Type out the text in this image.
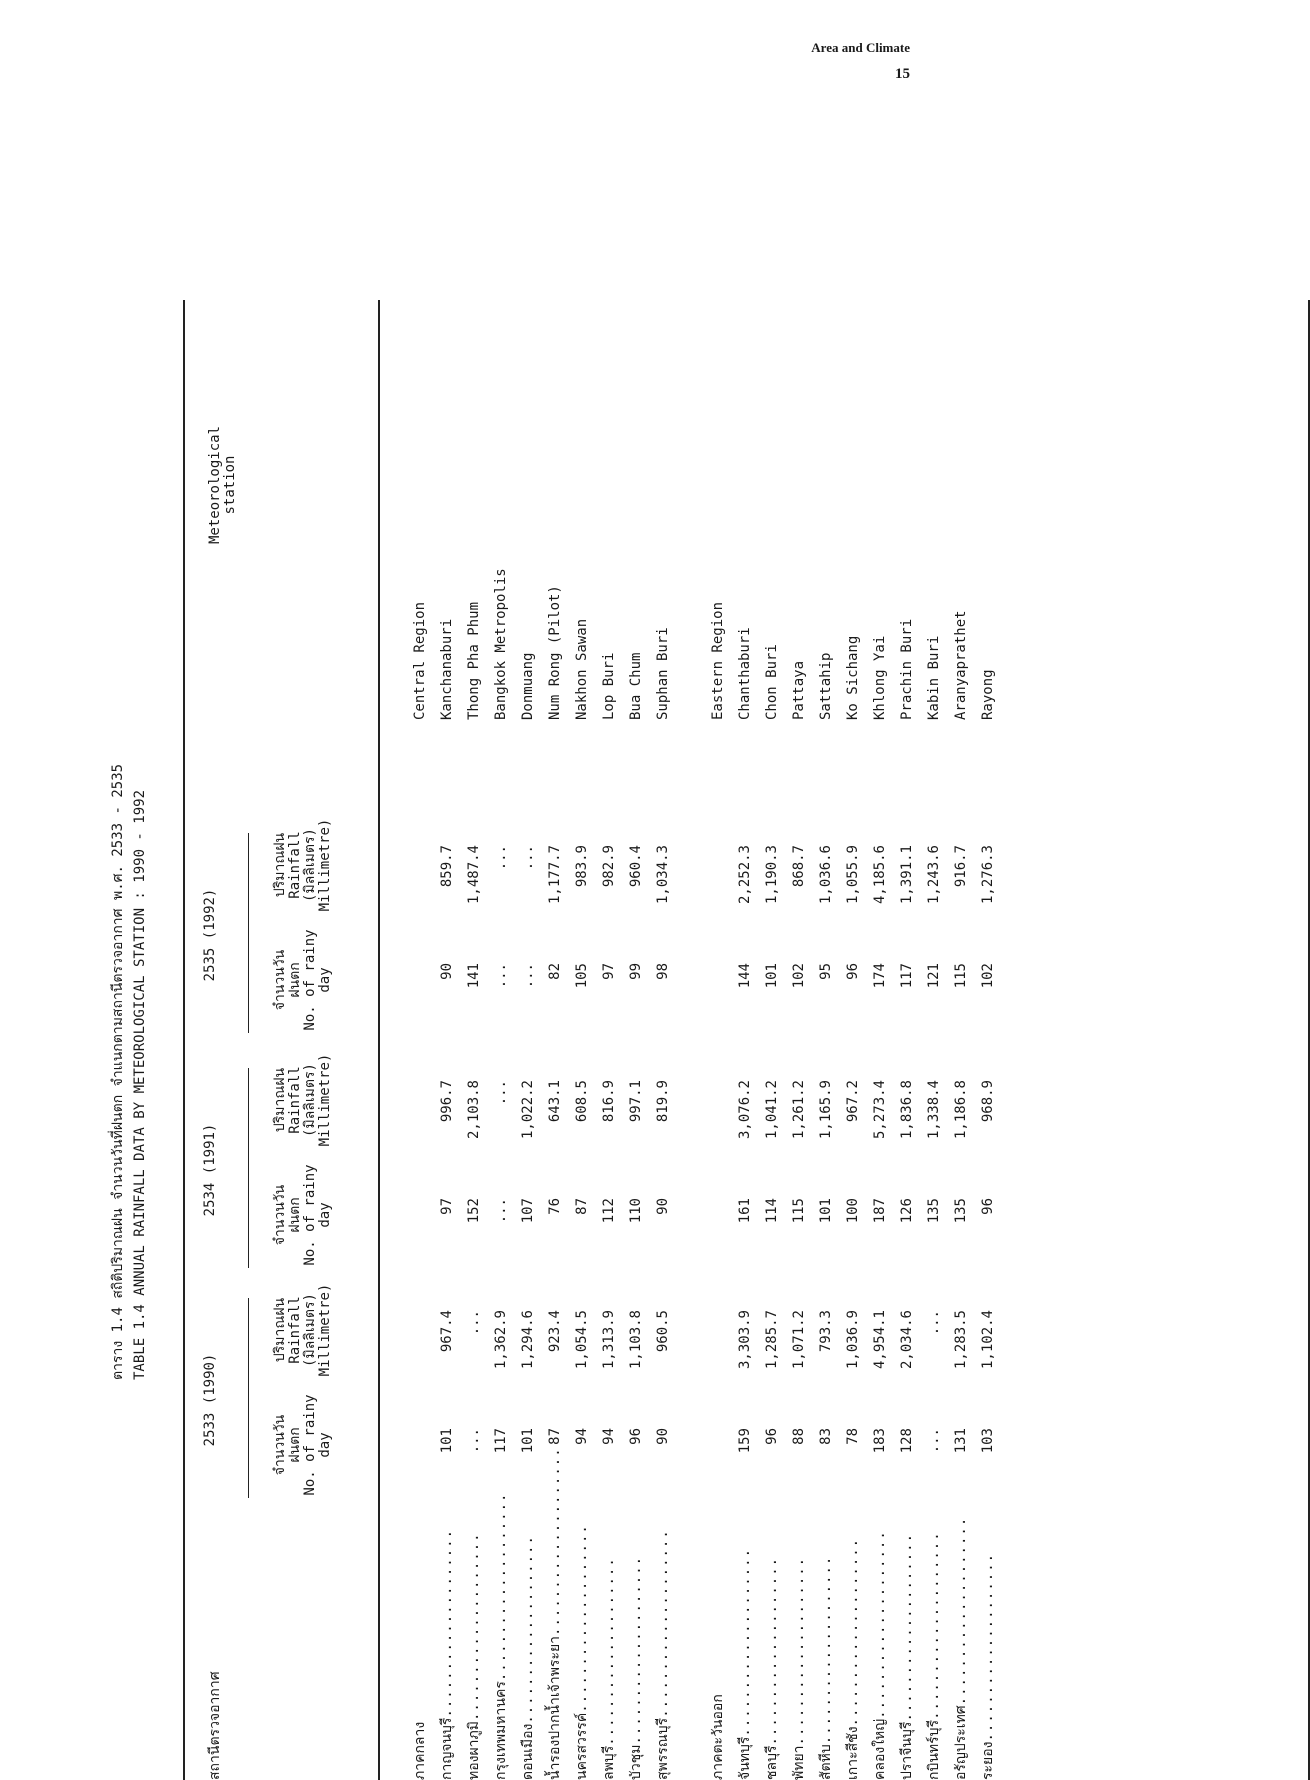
Area and Climate
15
ตาราง 1.4 สถิติปริมาณฝน จำนวนวันที่ฝนตก จำแนกตามสถานีตรวจอากาศ พ.ศ. 2533 - 2535 TABLE 1.4 ANNUAL RAINFALL DATA BY METEOROLOGICAL STATION : 1990 - 1992
สถานีตรวจอากาศ
Meteorological
station
2533 (1990)
2534 (1991)
2535 (1992)
จำนวนวัน
ฝนตก
No. of rainy
day
ปริมาณฝน
Rainfall
(มิลลิเมตร)
Millimetre)
จำนวนวัน
ฝนตก
No. of rainy
day
ปริมาณฝน
Rainfall
(มิลลิเมตร)
Millimetre)
จำนวนวัน
ฝนตก
No. of rainy
day
ปริมาณฝน
Rainfall
(มิลลิเมตร)
Millimetre)
ภาคกลาง
Central Region
กาญจนบุรี....................
101
967.4
97
996.7
90
859.7
Kanchanaburi
ทองผาภูมิ....................
...
...
152
2,103.8
141
1,487.4
Thong Pha Phum
กรุงเทพมหานคร....................
117
1,362.9
...
...
...
...
Bangkok Metropolis
ดอนเมือง....................
101
1,294.6
107
1,022.2
...
...
Donmuang
น้ำรองปากน้ำเจ้าพระยา....................
87
923.4
76
643.1
82
1,177.7
Num Rong (Pilot)
นครสวรรค์....................
94
1,054.5
87
608.5
105
983.9
Nakhon Sawan
ลพบุรี....................
94
1,313.9
112
816.9
97
982.9
Lop Buri
บัวชุม....................
96
1,103.8
110
997.1
99
960.4
Bua Chum
สุพรรณบุรี....................
90
960.5
90
819.9
98
1,034.3
Suphan Buri
ภาคตะวันออก
Eastern Region
จันทบุรี....................
159
3,303.9
161
3,076.2
144
2,252.3
Chanthaburi
ชลบุรี....................
96
1,285.7
114
1,041.2
101
1,190.3
Chon Buri
พัทยา....................
88
1,071.2
115
1,261.2
102
868.7
Pattaya
สัตหีบ....................
83
793.3
101
1,165.9
95
1,036.6
Sattahip
เกาะสีชัง....................
78
1,036.9
100
967.2
96
1,055.9
Ko Sichang
คลองใหญ่....................
183
4,954.1
187
5,273.4
174
4,185.6
Khlong Yai
ปราจีนบุรี....................
128
2,034.6
126
1,836.8
117
1,391.1
Prachin Buri
กบินทร์บุรี....................
...
...
135
1,338.4
121
1,243.6
Kabin Buri
อรัญประเทศ....................
131
1,283.5
135
1,186.8
115
916.7
Aranyaprathet
ระยอง....................
103
1,102.4
96
968.9
102
1,276.3
Rayong
